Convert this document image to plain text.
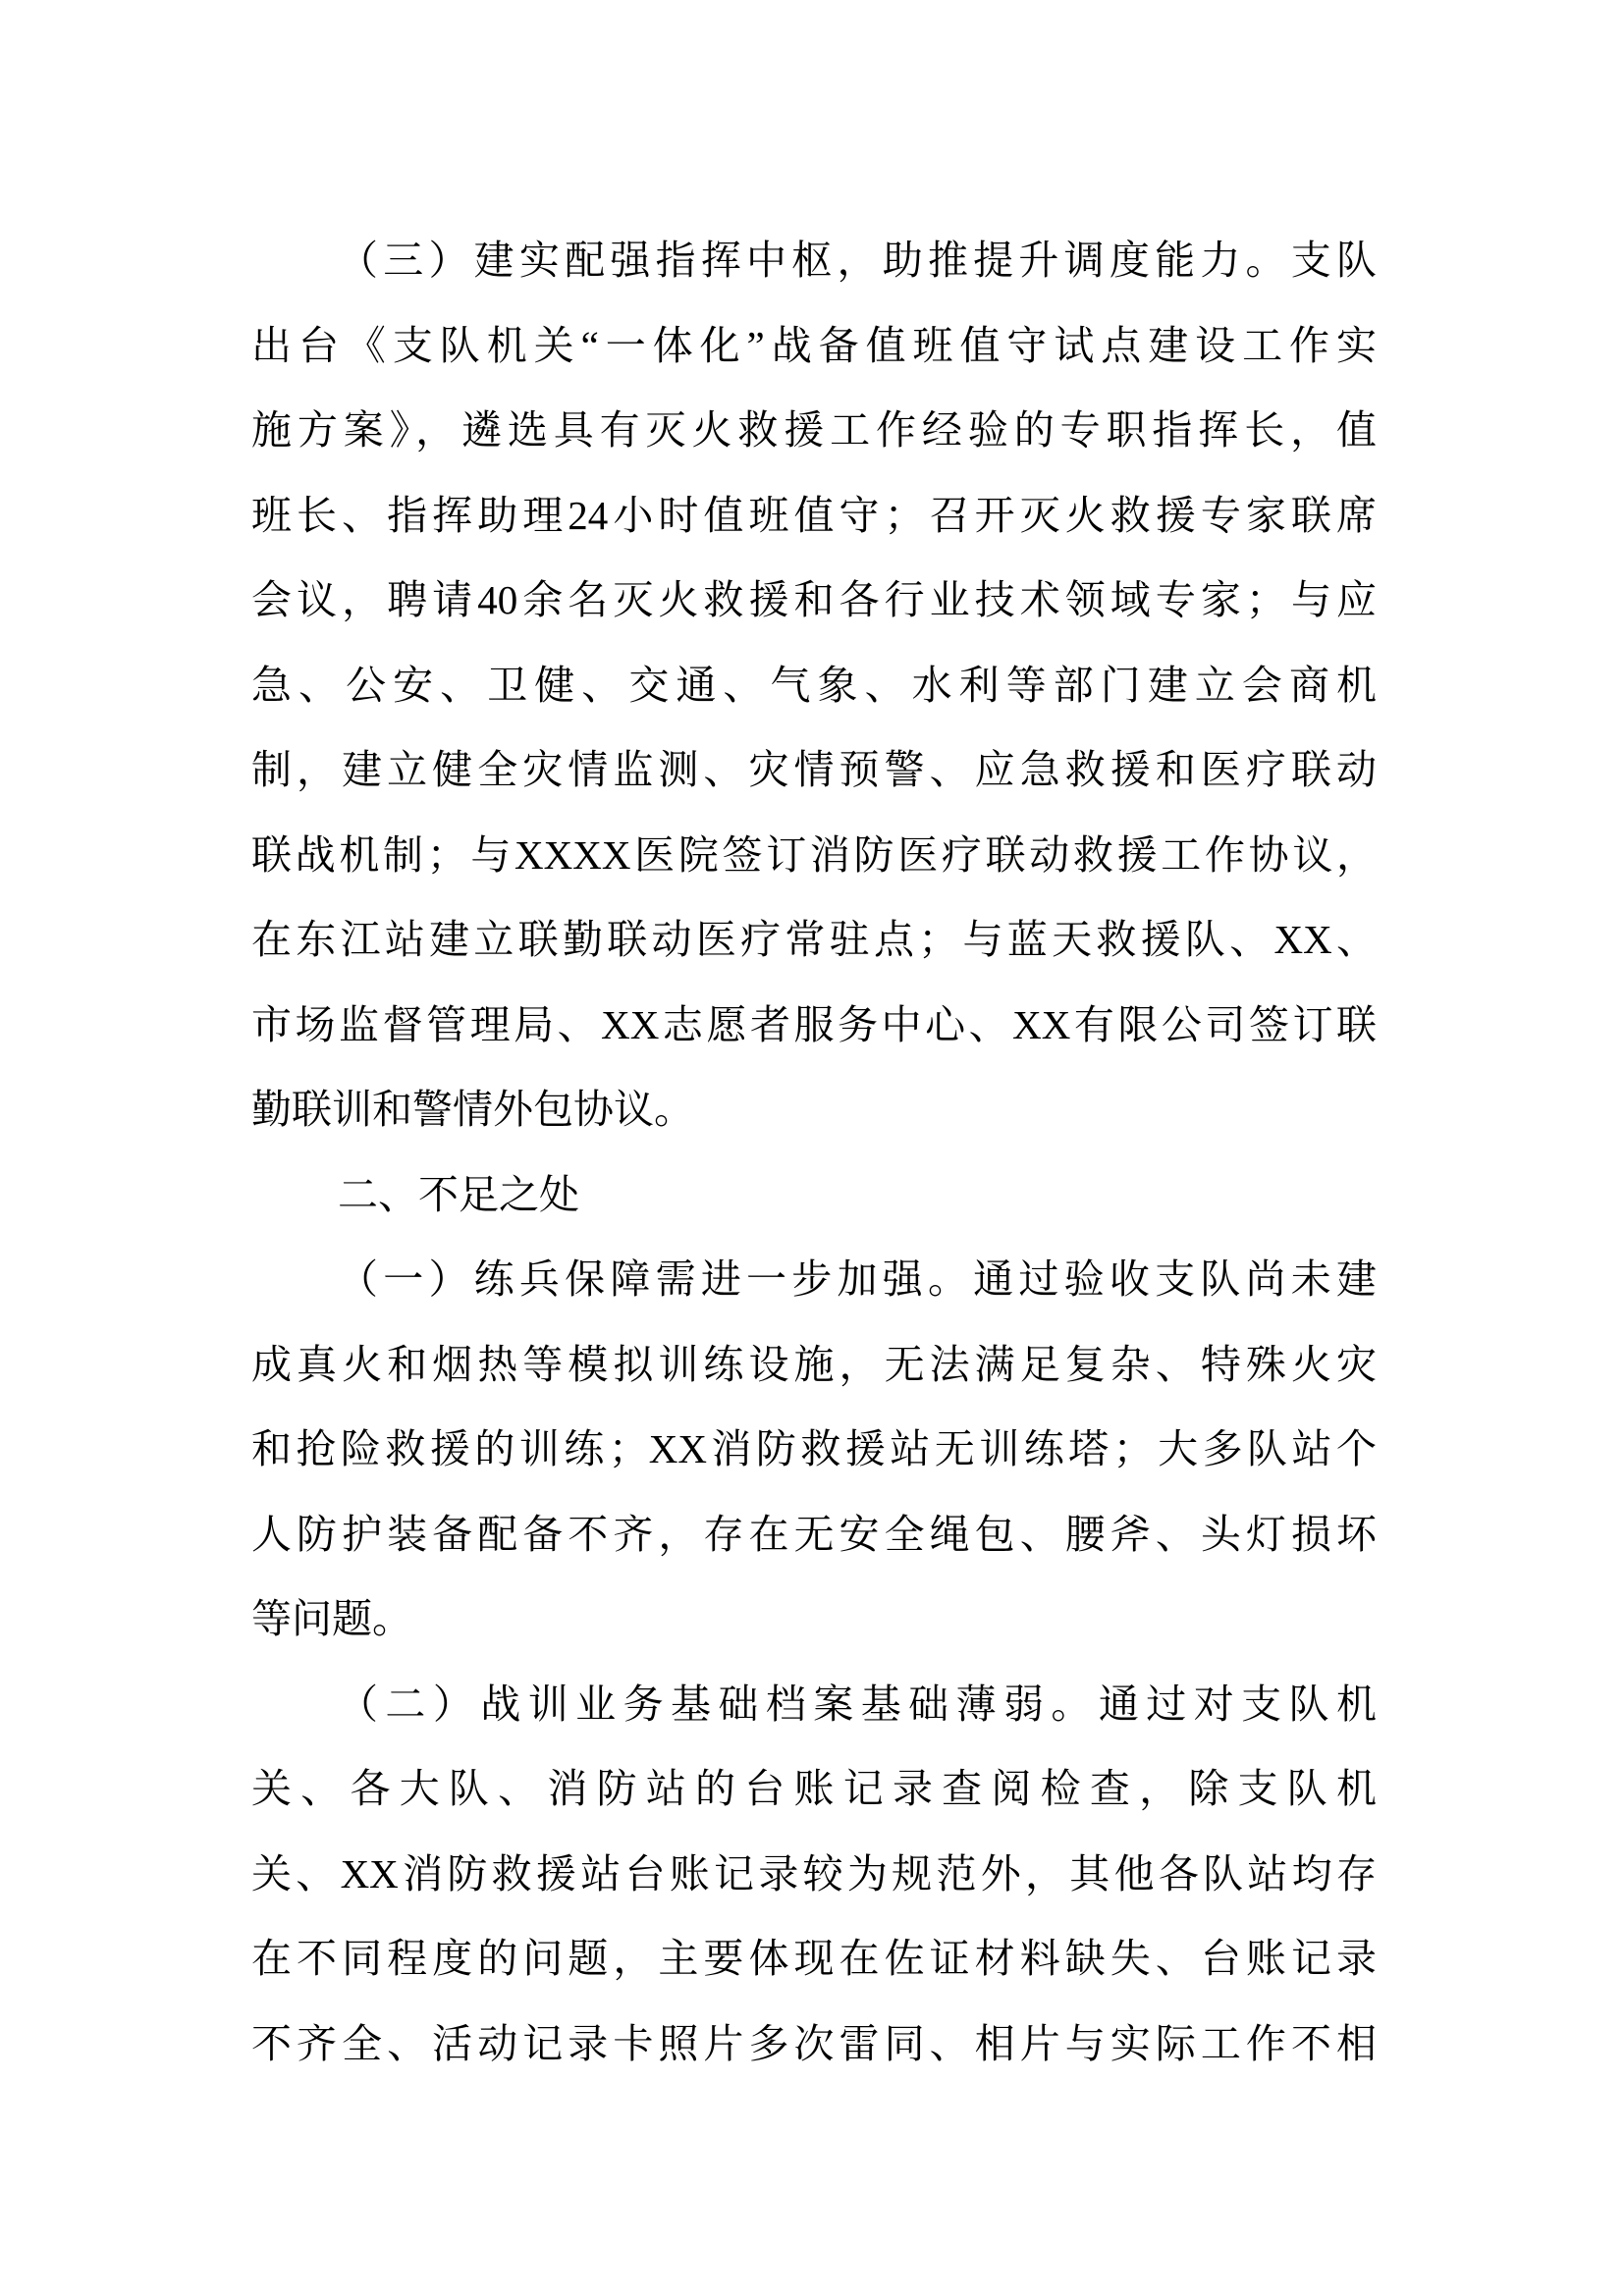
（三）建实配强指挥中枢，助推提升调度能力。支队
出台《支队机关“一体化”战备值班值守试点建设工作实
施方案》，遴选具有灭火救援工作经验的专职指挥长，值
班长、指挥助理24小时值班值守；召开灭火救援专家联席
会议，聘请40余名灭火救援和各行业技术领域专家；与应
急、公安、卫健、交通、气象、水利等部门建立会商机
制，建立健全灾情监测、灾情预警、应急救援和医疗联动
联战机制；与XXXX医院签订消防医疗联动救援工作协议，
在东江站建立联勤联动医疗常驻点；与蓝天救援队、XX、
市场监督管理局、XX志愿者服务中心、XX有限公司签订联
勤联训和警情外包协议。
二、不足之处
（一）练兵保障需进一步加强。通过验收支队尚未建
成真火和烟热等模拟训练设施，无法满足复杂、特殊火灾
和抢险救援的训练；XX消防救援站无训练塔；大多队站个
人防护装备配备不齐，存在无安全绳包、腰斧、头灯损坏
等问题。
（二）战训业务基础档案基础薄弱。通过对支队机
关、各大队、消防站的台账记录查阅检查，除支队机
关、XX消防救援站台账记录较为规范外，其他各队站均存
在不同程度的问题，主要体现在佐证材料缺失、台账记录
不齐全、活动记录卡照片多次雷同、相片与实际工作不相
